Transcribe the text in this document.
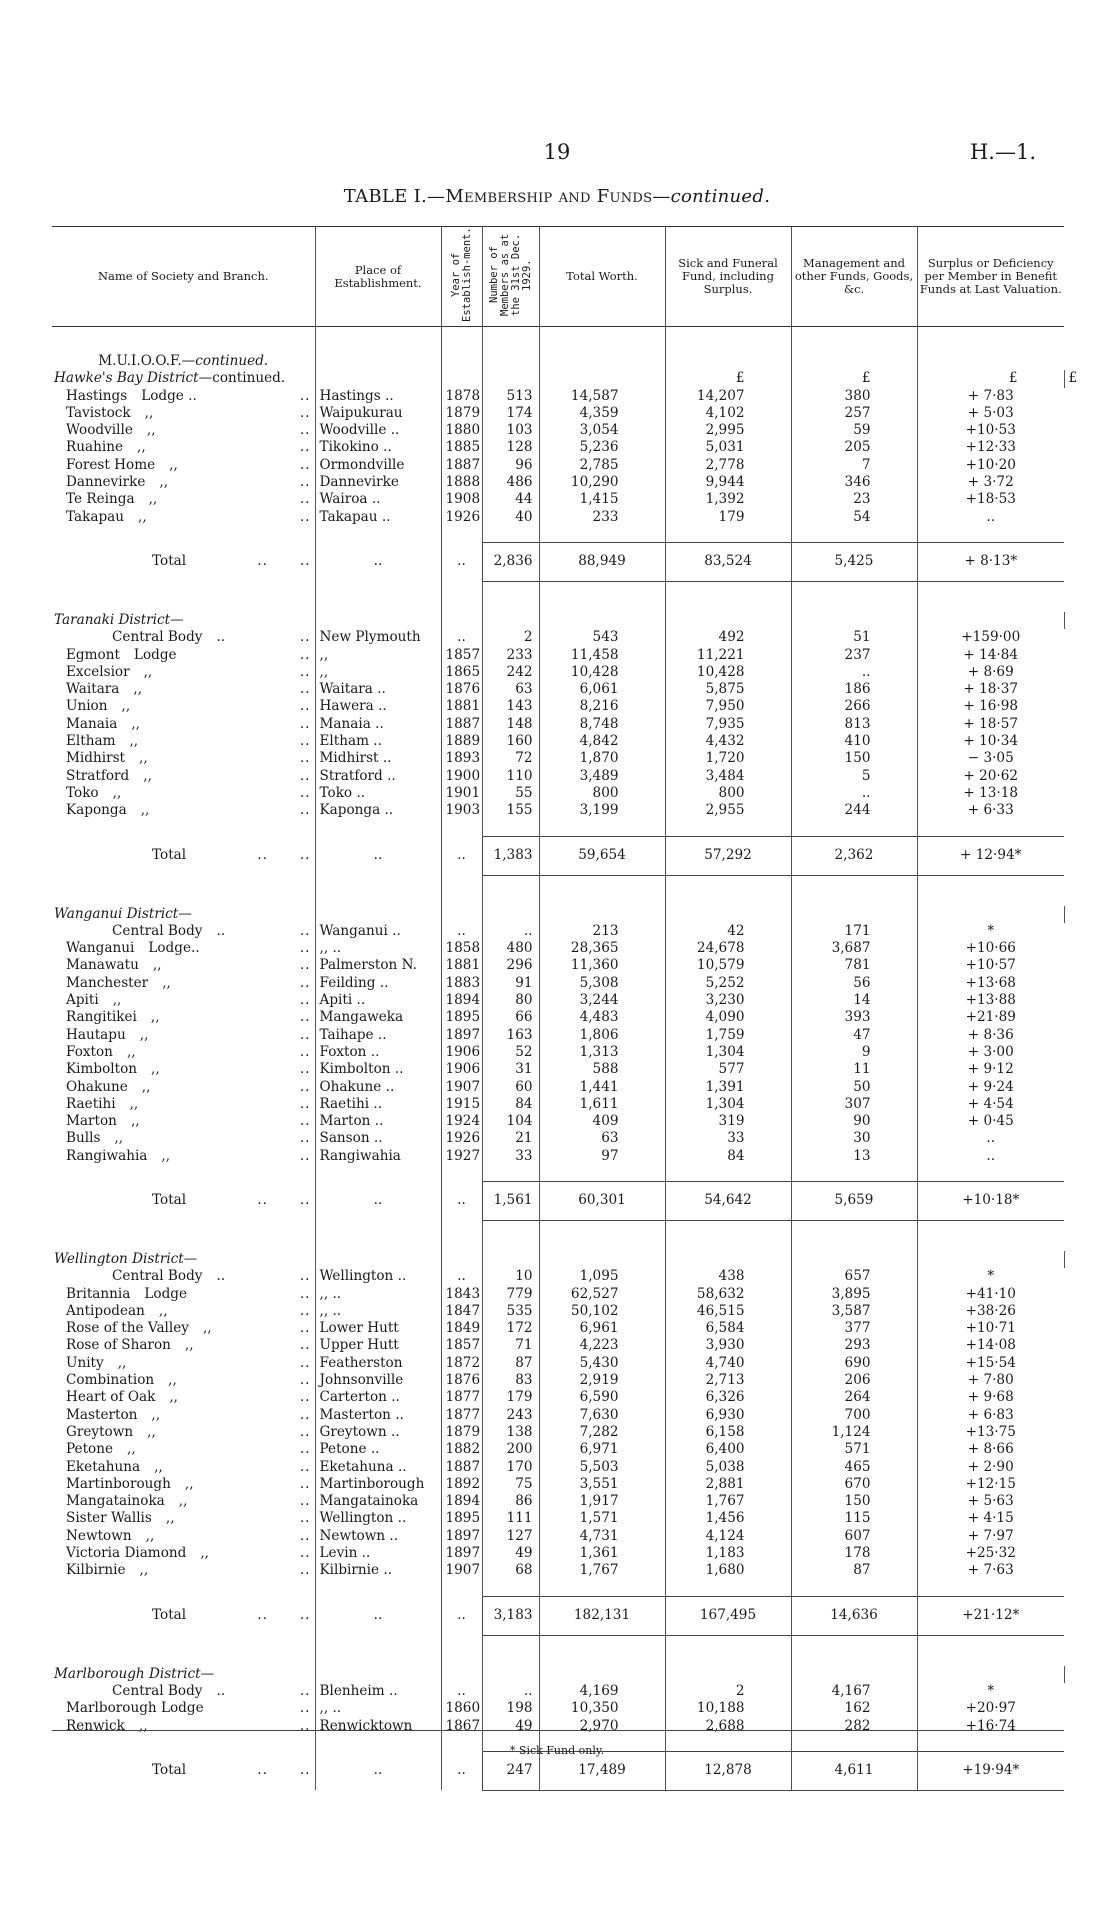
19	H.—1.
TABLE I.—Membership and Funds—continued.
Name of Society and Branch.	Place of Establishment.	Year of Establish-ment.	Number of Members as at the 31st Dec. 1929.	Total Worth.	Sick and Funeral Fund, including Surplus.	Management and other Funds, Goods, &c.	Surplus or Deficiency per Member in Benefit Funds at Last Valuation.	
M.U.I.O.O.F.—continued.								
Hawke's Bay District—continued.					£	£	£	£
Hastings Lodge .. ..	Hastings ..	1878	513	14,587	14,207	380	+ 7·83	
Tavistock ,, ..	Waipukurau	1879	174	4,359	4,102	257	+ 5·03	
Woodville ,, ..	Woodville ..	1880	103	3,054	2,995	59	+10·53	
Ruahine ,, ..	Tikokino ..	1885	128	5,236	5,031	205	+12·33	
Forest Home ,, ..	Ormondville	1887	96	2,785	2,778	7	+10·20	
Dannevirke ,, ..	Dannevirke	1888	486	10,290	9,944	346	+ 3·72	
Te Reinga ,, ..	Wairoa ..	1908	44	1,415	1,392	23	+18·53	
Takapau ,, ..	Takapau ..	1926	40	233	179	54	..	

Total ..      ..	..	..	2,836	88,949	83,524	5,425	+ 8·13*	

Taranaki District—								
Central Body .. ..	New Plymouth	..	2	543	492	51	+159·00	
Egmont Lodge ..	,,	1857	233	11,458	11,221	237	+ 14·84	
Excelsior ,, ..	,,	1865	242	10,428	10,428	..	+ 8·69	
Waitara ,, ..	Waitara ..	1876	63	6,061	5,875	186	+ 18·37	
Union ,, ..	Hawera ..	1881	143	8,216	7,950	266	+ 16·98	
Manaia ,, ..	Manaia ..	1887	148	8,748	7,935	813	+ 18·57	
Eltham ,, ..	Eltham ..	1889	160	4,842	4,432	410	+ 10·34	
Midhirst ,, ..	Midhirst ..	1893	72	1,870	1,720	150	− 3·05	
Stratford ,, ..	Stratford ..	1900	110	3,489	3,484	5	+ 20·62	
Toko ,, ..	Toko ..	1901	55	800	800	..	+ 13·18	
Kaponga ,, ..	Kaponga ..	1903	155	3,199	2,955	244	+ 6·33	

Total ..      ..	..	..	1,383	59,654	57,292	2,362	+ 12·94*	

Wanganui District—								
Central Body .. ..	Wanganui ..	..	..	213	42	171	*	
Wanganui Lodge.. ..	,, ..	1858	480	28,365	24,678	3,687	+10·66	
Manawatu ,, ..	Palmerston N.	1881	296	11,360	10,579	781	+10·57	
Manchester ,, ..	Feilding ..	1883	91	5,308	5,252	56	+13·68	
Apiti ,, ..	Apiti ..	1894	80	3,244	3,230	14	+13·88	
Rangitikei ,, ..	Mangaweka	1895	66	4,483	4,090	393	+21·89	
Hautapu ,, ..	Taihape ..	1897	163	1,806	1,759	47	+ 8·36	
Foxton ,, ..	Foxton ..	1906	52	1,313	1,304	9	+ 3·00	
Kimbolton ,, ..	Kimbolton ..	1906	31	588	577	11	+ 9·12	
Ohakune ,, ..	Ohakune ..	1907	60	1,441	1,391	50	+ 9·24	
Raetihi ,, ..	Raetihi ..	1915	84	1,611	1,304	307	+ 4·54	
Marton ,, ..	Marton ..	1924	104	409	319	90	+ 0·45	
Bulls ,, ..	Sanson ..	1926	21	63	33	30	..	
Rangiwahia ,, ..	Rangiwahia	1927	33	97	84	13	..	

Total ..      ..	..	..	1,561	60,301	54,642	5,659	+10·18*	

Wellington District—								
Central Body .. ..	Wellington ..	..	10	1,095	438	657	*	
Britannia Lodge ..	,, ..	1843	779	62,527	58,632	3,895	+41·10	
Antipodean ,, ..	,, ..	1847	535	50,102	46,515	3,587	+38·26	
Rose of the Valley ,, ..	Lower Hutt	1849	172	6,961	6,584	377	+10·71	
Rose of Sharon ,, ..	Upper Hutt	1857	71	4,223	3,930	293	+14·08	
Unity ,, ..	Featherston	1872	87	5,430	4,740	690	+15·54	
Combination ,, ..	Johnsonville	1876	83	2,919	2,713	206	+ 7·80	
Heart of Oak ,, ..	Carterton ..	1877	179	6,590	6,326	264	+ 9·68	
Masterton ,, ..	Masterton ..	1877	243	7,630	6,930	700	+ 6·83	
Greytown ,, ..	Greytown ..	1879	138	7,282	6,158	1,124	+13·75	
Petone ,, ..	Petone ..	1882	200	6,971	6,400	571	+ 8·66	
Eketahuna ,, ..	Eketahuna ..	1887	170	5,503	5,038	465	+ 2·90	
Martinborough ,, ..	Martinborough	1892	75	3,551	2,881	670	+12·15	
Mangatainoka ,, ..	Mangatainoka	1894	86	1,917	1,767	150	+ 5·63	
Sister Wallis ,, ..	Wellington ..	1895	111	1,571	1,456	115	+ 4·15	
Newtown ,, ..	Newtown ..	1897	127	4,731	4,124	607	+ 7·97	
Victoria Diamond ,, ..	Levin ..	1897	49	1,361	1,183	178	+25·32	
Kilbirnie ,, ..	Kilbirnie ..	1907	68	1,767	1,680	87	+ 7·63	

Total ..      ..	..	..	3,183	182,131	167,495	14,636	+21·12*	

Marlborough District—								
Central Body .. ..	Blenheim ..	..	..	4,169	2	4,167	*	
Marlborough Lodge ..	,, ..	1860	198	10,350	10,188	162	+20·97	
Renwick ,, ..	Renwicktown	1867	49	2,970	2,688	282	+16·74	

Total ..      ..	..	..	247	17,489	12,878	4,611	+19·94*	
* Sick Fund only.
